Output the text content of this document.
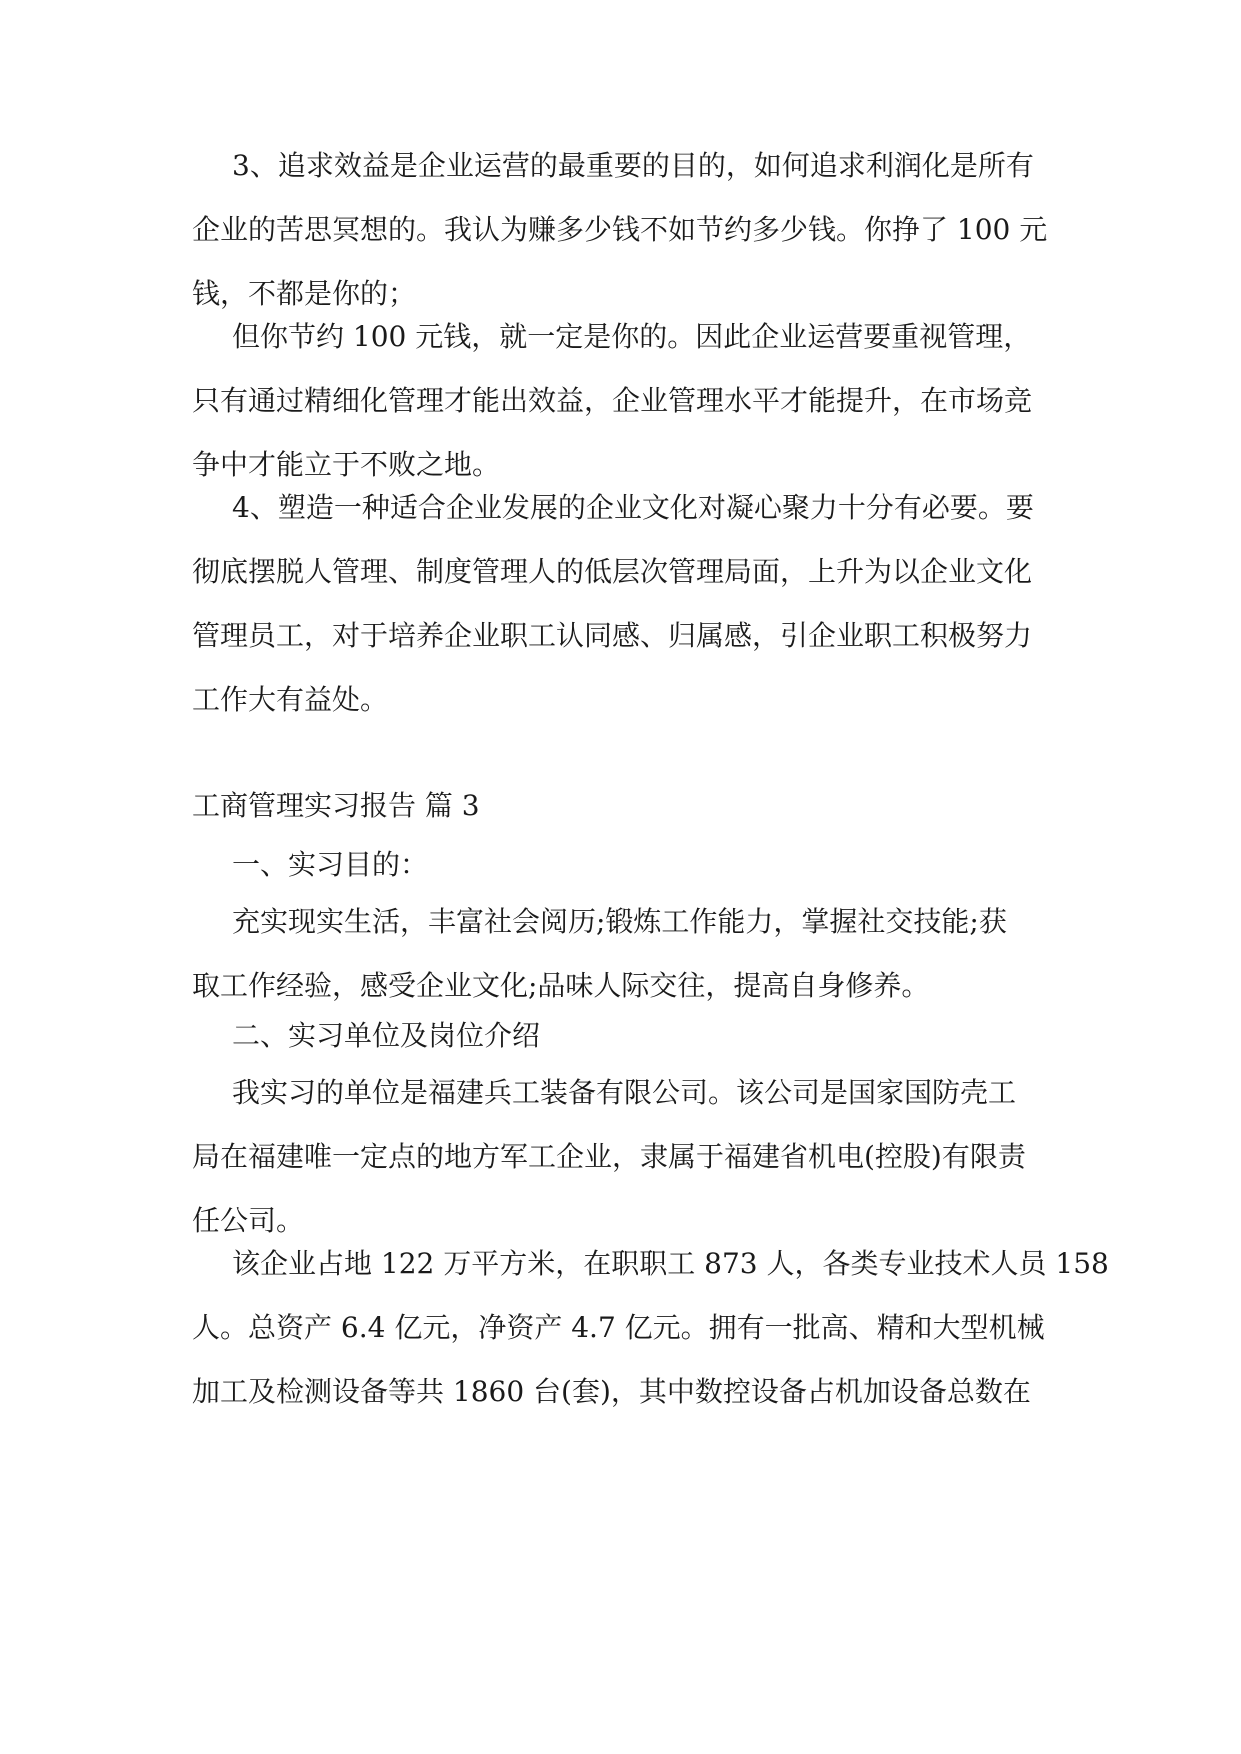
3、追求效益是企业运营的最重要的目的，如何追求利润化是所有
企业的苦思冥想的。我认为赚多少钱不如节约多少钱。你挣了 100 元
钱，不都是你的；

但你节约 100 元钱，就一定是你的。因此企业运营要重视管理，
只有通过精细化管理才能出效益，企业管理水平才能提升，在市场竞
争中才能立于不败之地。

4、塑造一种适合企业发展的企业文化对凝心聚力十分有必要。要
彻底摆脱人管理、制度管理人的低层次管理局面，上升为以企业文化
管理员工，对于培养企业职工认同感、归属感，引企业职工积极努力
工作大有益处。

工商管理实习报告 篇 3

一、实习目的：

充实现实生活，丰富社会阅历;锻炼工作能力，掌握社交技能;获
取工作经验，感受企业文化;品味人际交往，提高自身修养。

二、实习单位及岗位介绍

我实习的单位是福建兵工装备有限公司。该公司是国家国防壳工
局在福建唯一定点的地方军工企业，隶属于福建省机电(控股)有限责
任公司。

该企业占地 122 万平方米，在职职工 873 人，各类专业技术人员 158
人。总资产 6.4 亿元，净资产 4.7 亿元。拥有一批高、精和大型机械
加工及检测设备等共 1860 台(套)，其中数控设备占机加设备总数在
